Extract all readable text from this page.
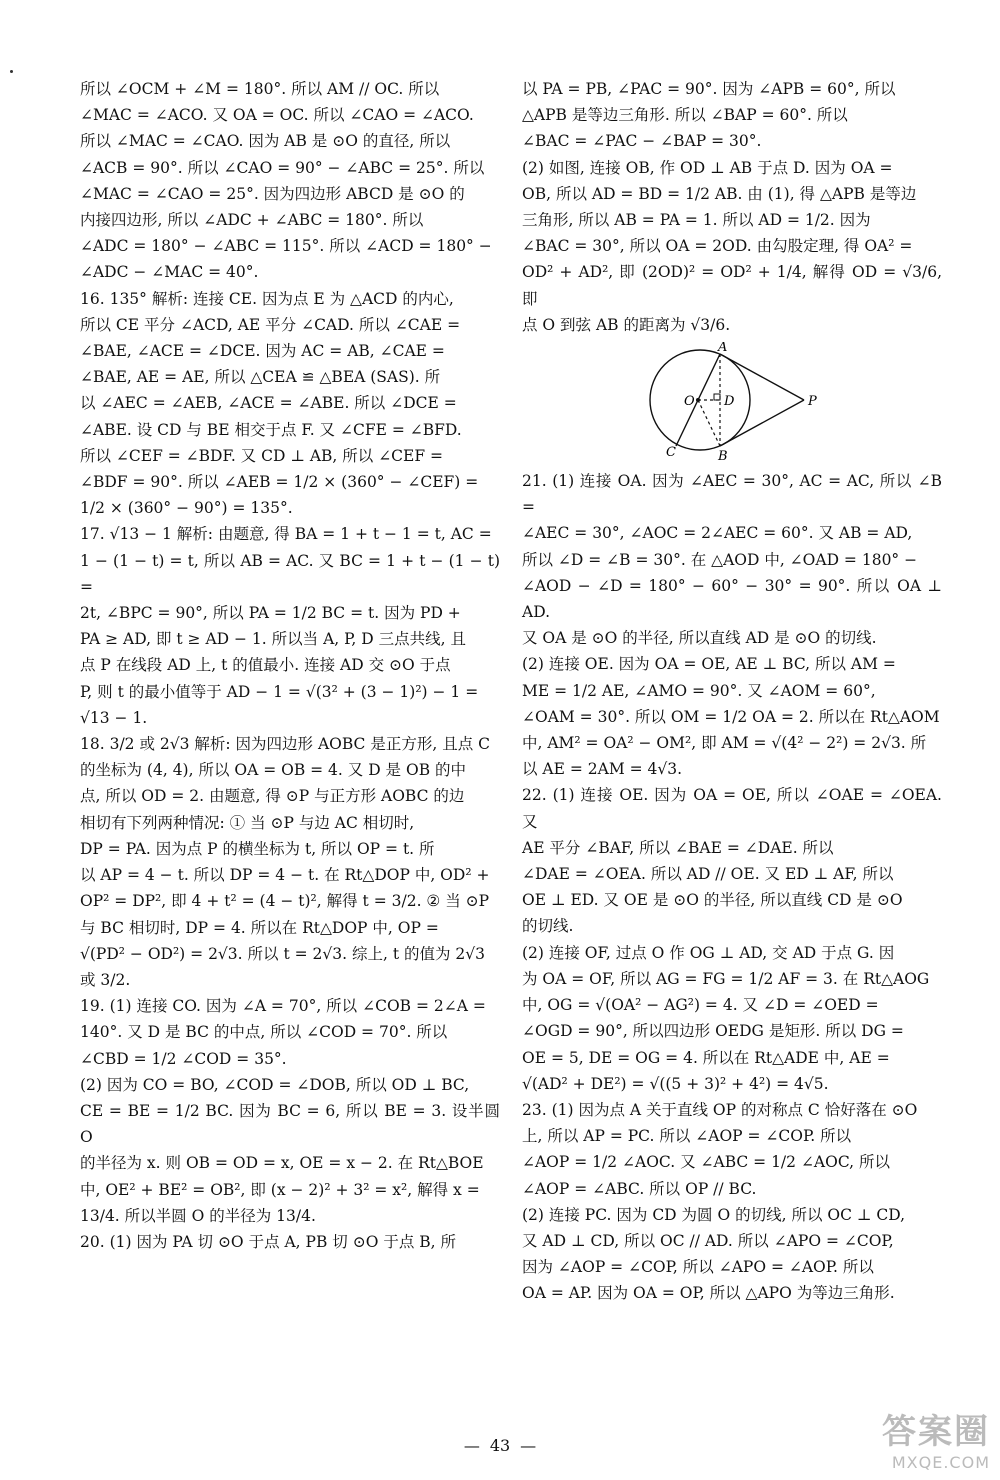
所以 ∠OCM + ∠M = 180°. 所以 AM // OC. 所以
∠MAC = ∠ACO. 又 OA = OC. 所以 ∠CAO = ∠ACO.
所以 ∠MAC = ∠CAO. 因为 AB 是 ⊙O 的直径, 所以
∠ACB = 90°. 所以 ∠CAO = 90° − ∠ABC = 25°. 所以
∠MAC = ∠CAO = 25°. 因为四边形 ABCD 是 ⊙O 的
内接四边形, 所以 ∠ADC + ∠ABC = 180°. 所以
∠ADC = 180° − ∠ABC = 115°. 所以 ∠ACD = 180° −
∠ADC − ∠MAC = 40°.
16. 135° 解析: 连接 CE. 因为点 E 为 △ACD 的内心,
所以 CE 平分 ∠ACD, AE 平分 ∠CAD. 所以 ∠CAE =
∠BAE, ∠ACE = ∠DCE. 因为 AC = AB, ∠CAE =
∠BAE, AE = AE, 所以 △CEA ≌ △BEA (SAS). 所
以 ∠AEC = ∠AEB, ∠ACE = ∠ABE. 所以 ∠DCE =
∠ABE. 设 CD 与 BE 相交于点 F. 又 ∠CFE = ∠BFD.
所以 ∠CEF = ∠BDF. 又 CD ⊥ AB, 所以 ∠CEF =
∠BDF = 90°. 所以 ∠AEB = 1/2 × (360° − ∠CEF) =
1/2 × (360° − 90°) = 135°.
17. √13 − 1 解析: 由题意, 得 BA = 1 + t − 1 = t, AC =
1 − (1 − t) = t, 所以 AB = AC. 又 BC = 1 + t − (1 − t) =
2t, ∠BPC = 90°, 所以 PA = 1/2 BC = t. 因为 PD +
PA ≥ AD, 即 t ≥ AD − 1. 所以当 A, P, D 三点共线, 且
点 P 在线段 AD 上, t 的值最小. 连接 AD 交 ⊙O 于点
P, 则 t 的最小值等于 AD − 1 = √(3² + (3 − 1)²) − 1 =
√13 − 1.
18. 3/2 或 2√3 解析: 因为四边形 AOBC 是正方形, 且点 C
的坐标为 (4, 4), 所以 OA = OB = 4. 又 D 是 OB 的中
点, 所以 OD = 2. 由题意, 得 ⊙P 与正方形 AOBC 的边
相切有下列两种情况: ① 当 ⊙P 与边 AC 相切时,
DP = PA. 因为点 P 的横坐标为 t, 所以 OP = t. 所
以 AP = 4 − t. 所以 DP = 4 − t. 在 Rt△DOP 中, OD² +
OP² = DP², 即 4 + t² = (4 − t)², 解得 t = 3/2. ② 当 ⊙P
与 BC 相切时, DP = 4. 所以在 Rt△DOP 中, OP =
√(PD² − OD²) = 2√3. 所以 t = 2√3. 综上, t 的值为 2√3
或 3/2.
19. (1) 连接 CO. 因为 ∠A = 70°, 所以 ∠COB = 2∠A =
140°. 又 D 是 BC 的中点, 所以 ∠COD = 70°. 所以
∠CBD = 1/2 ∠COD = 35°.
(2) 因为 CO = BO, ∠COD = ∠DOB, 所以 OD ⊥ BC,
CE = BE = 1/2 BC. 因为 BC = 6, 所以 BE = 3. 设半圆 O
的半径为 x. 则 OB = OD = x, OE = x − 2. 在 Rt△BOE
中, OE² + BE² = OB², 即 (x − 2)² + 3² = x², 解得 x =
13/4. 所以半圆 O 的半径为 13/4.
20. (1) 因为 PA 切 ⊙O 于点 A, PB 切 ⊙O 于点 B, 所
以 PA = PB, ∠PAC = 90°. 因为 ∠APB = 60°, 所以
△APB 是等边三角形. 所以 ∠BAP = 60°. 所以
∠BAC = ∠PAC − ∠BAP = 30°.
(2) 如图, 连接 OB, 作 OD ⊥ AB 于点 D. 因为 OA =
OB, 所以 AD = BD = 1/2 AB. 由 (1), 得 △APB 是等边
三角形, 所以 AB = PA = 1. 所以 AD = 1/2. 因为
∠BAC = 30°, 所以 OA = 2OD. 由勾股定理, 得 OA² =
OD² + AD², 即 (2OD)² = OD² + 1/4, 解得 OD = √3/6, 即
点 O 到弦 AB 的距离为 √3/6.
A
B
C
D
O	P
21. (1) 连接 OA. 因为 ∠AEC = 30°, AC = AC, 所以 ∠B =
∠AEC = 30°, ∠AOC = 2∠AEC = 60°. 又 AB = AD,
所以 ∠D = ∠B = 30°. 在 △AOD 中, ∠OAD = 180° −
∠AOD − ∠D = 180° − 60° − 30° = 90°. 所以 OA ⊥ AD.
又 OA 是 ⊙O 的半径, 所以直线 AD 是 ⊙O 的切线.
(2) 连接 OE. 因为 OA = OE, AE ⊥ BC, 所以 AM =
ME = 1/2 AE, ∠AMO = 90°. 又 ∠AOM = 60°,
∠OAM = 30°. 所以 OM = 1/2 OA = 2. 所以在 Rt△AOM
中, AM² = OA² − OM², 即 AM = √(4² − 2²) = 2√3. 所
以 AE = 2AM = 4√3.
22. (1) 连接 OE. 因为 OA = OE, 所以 ∠OAE = ∠OEA. 又
AE 平分 ∠BAF, 所以 ∠BAE = ∠DAE. 所以
∠DAE = ∠OEA. 所以 AD // OE. 又 ED ⊥ AF, 所以
OE ⊥ ED. 又 OE 是 ⊙O 的半径, 所以直线 CD 是 ⊙O
的切线.
(2) 连接 OF, 过点 O 作 OG ⊥ AD, 交 AD 于点 G. 因
为 OA = OF, 所以 AG = FG = 1/2 AF = 3. 在 Rt△AOG
中, OG = √(OA² − AG²) = 4. 又 ∠D = ∠OED =
∠OGD = 90°, 所以四边形 OEDG 是矩形. 所以 DG =
OE = 5, DE = OG = 4. 所以在 Rt△ADE 中, AE =
√(AD² + DE²) = √((5 + 3)² + 4²) = 4√5.
23. (1) 因为点 A 关于直线 OP 的对称点 C 恰好落在 ⊙O
上, 所以 AP = PC. 所以 ∠AOP = ∠COP. 所以
∠AOP = 1/2 ∠AOC. 又 ∠ABC = 1/2 ∠AOC, 所以
∠AOP = ∠ABC. 所以 OP // BC.
(2) 连接 PC. 因为 CD 为圆 O 的切线, 所以 OC ⊥ CD,
又 AD ⊥ CD, 所以 OC // AD. 所以 ∠APO = ∠COP,
因为 ∠AOP = ∠COP, 所以 ∠APO = ∠AOP. 所以
OA = AP. 因为 OA = OP, 所以 △APO 为等边三角形.
— 43 —	答案圈
MXQE.COM
